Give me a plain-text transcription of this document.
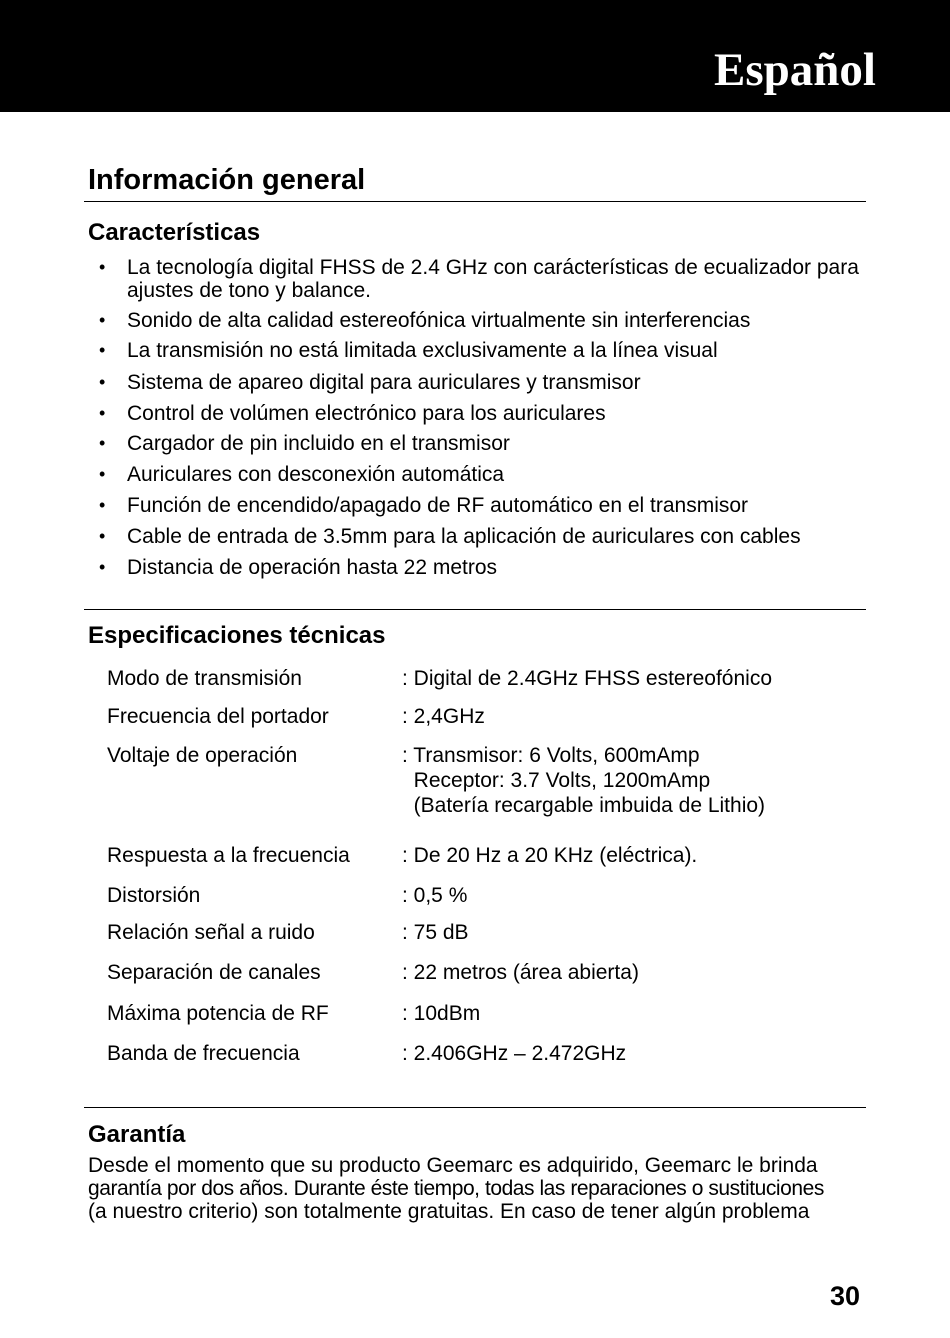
Español
Información general
Características
• La tecnología digital FHSS de 2.4 GHz con carácterísticas de ecualizador para ajustes de tono y balance.
• Sonido de alta calidad estereofónica virtualmente sin interferencias
• La transmisión no está limitada exclusivamente a la línea visual
• Sistema de apareo digital para auriculares y transmisor
• Control de volúmen electrónico para los auriculares
• Cargador de pin incluido en el transmisor
• Auriculares con desconexión automática
• Función de encendido/apagado de RF automático en el transmisor
• Cable de entrada de 3.5mm para la aplicación de auriculares con cables
• Distancia de operación hasta 22 metros
Especificaciones técnicas
Modo de transmisión	: Digital de 2.4GHz FHSS estereofónico
Frecuencia del portador	: 2,4GHz
Voltaje de operación	: Transmisor: 6 Volts, 600mAmp
Receptor: 3.7 Volts, 1200mAmp
(Batería recargable imbuida de Lithio)
Respuesta a la frecuencia : De 20 Hz a 20 KHz (eléctrica).
Distorsión	: 0,5 %
Relación señal a ruido	: 75 dB
Separación de canales	: 22 metros (área abierta)
Máxima potencia de RF	: 10dBm
Banda de frecuencia	: 2.406GHz – 2.472GHz
Garantía
Desde el momento que su producto Geemarc es adquirido, Geemarc le brinda
garantía por dos años. Durante éste tiempo, todas las reparaciones o sustituciones
(a nuestro criterio) son totalmente gratuitas. En caso de tener algún problema
30
